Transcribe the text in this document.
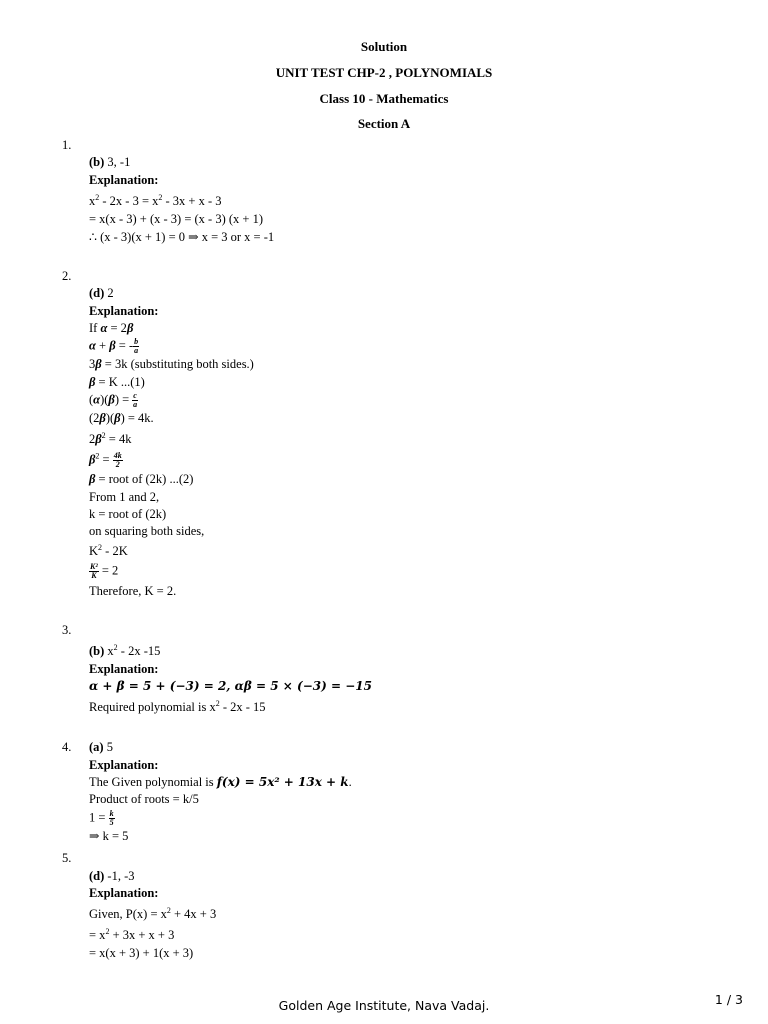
Solution
UNIT TEST CHP-2 , POLYNOMIALS
Class 10 - Mathematics
Section A
1.
(b) 3, -1
Explanation:
$x^2 - 2x - 3 = x^2 - 3x + x - 3$
= x(x - 3) + (x - 3) = (x - 3) (x + 1)
∴ (x - 3)(x + 1) = 0 ⇒ x = 3 or x = -1
2.
(d) 2
Explanation:
If α = 2β
α + β = - $\frac{b}{a}$
3β = 3k (substituting both sides.)
β = K ...(1)
$(\alpha)(\beta) = \frac{c}{a}$
(2β)(β) = 4k.
$2\beta^2 = 4k$
$\beta^2 = \frac{4k}{2}$
β = root of (2k) ...(2)
From 1 and 2,
k = root of (2k)
on squaring both sides,
$K^2 - 2K$
$\frac{\text{K²}}{K} = 2$
Therefore, K = 2.
3.
(b) $x^2 - 2x$ -15
Explanation:
α + β = 5 + (−3) = 2, αβ = 5 × (−3) = −15
Required polynomial is $x^2 - 2x - 15$
4. (a) 5
Explanation:
The Given polynomial is f(x) = 5x² + 13x + k.
Product of roots = k/5
$1 = \frac{k}{5}$
⇒ k = 5
5.
(d) -1, -3
Explanation:
Given, $P(x) = x^2 + 4x + 3$
= $x^2 + 3x + x + 3$
= x(x + 3) + 1(x + 3)
Golden Age Institute, Nava Vadaj.	1 / 3
